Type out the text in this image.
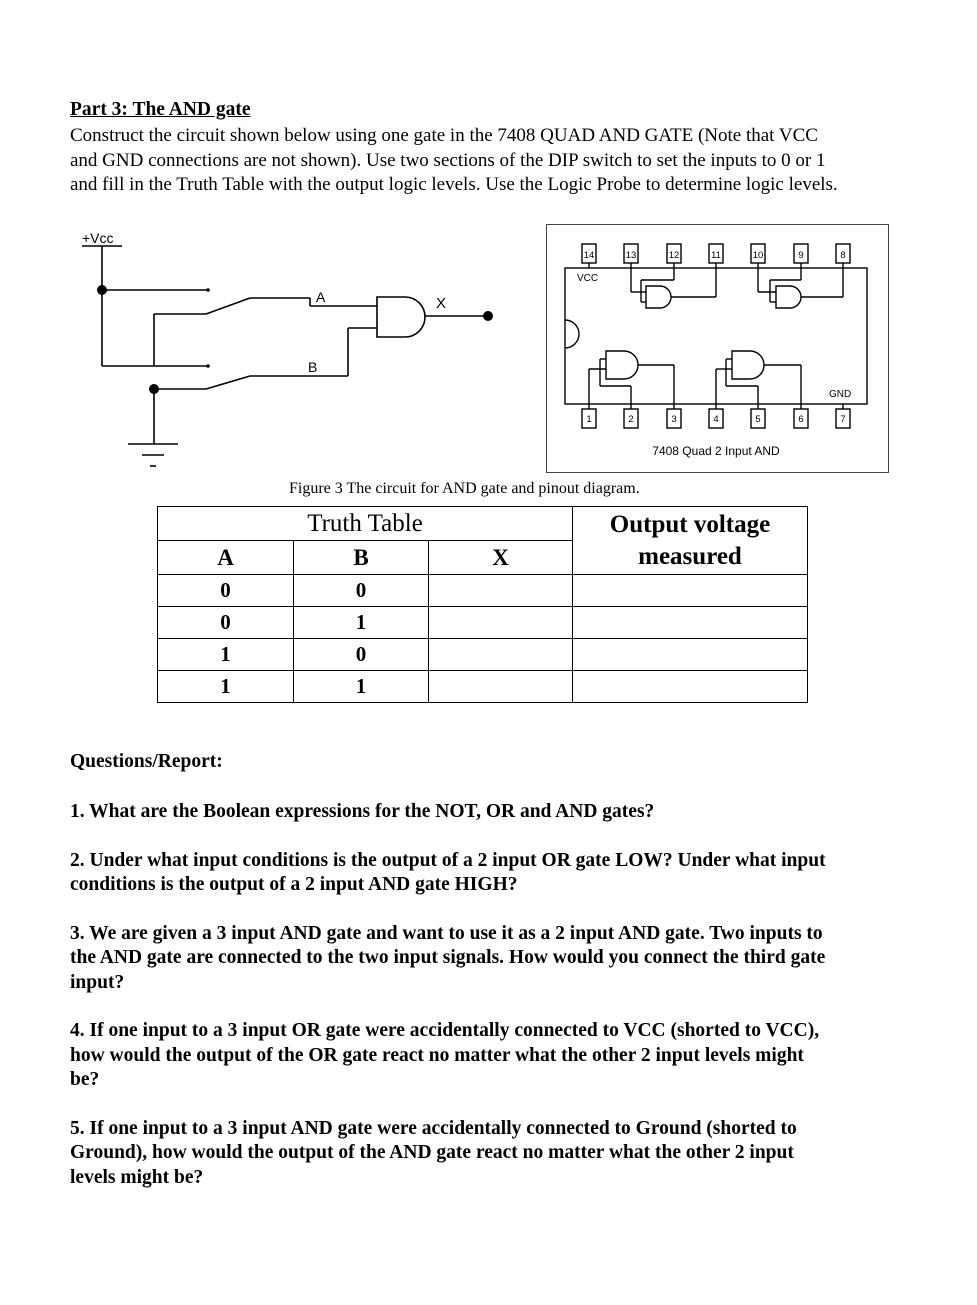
Part 3: The AND gate
Construct the circuit shown below using one gate in the 7408 QUAD AND GATE (Note that VCC and GND connections are not shown). Use two sections of the DIP switch to set the inputs to 0 or 1 and fill in the Truth Table with the output logic levels. Use the Logic Probe to determine logic levels.
+Vcc
A
B
X
14	13	12	11	10	9	8
1	2	3	4	5	6	7
VCC
GND
7408 Quad 2 Input AND
Figure 3 The circuit for AND gate and pinout diagram.
Truth Table			Output voltage measured
A	B	X	
0	0		
0	1		
1	0		
1	1		
Questions/Report:
1. What are the Boolean expressions for the NOT, OR and AND gates?
2. Under what input conditions is the output of a 2 input OR gate LOW? Under what input conditions is the output of a 2 input AND gate HIGH?
3. We are given a 3 input AND gate and want to use it as a 2 input AND gate. Two inputs to the AND gate are connected to the two input signals. How would you connect the third gate input?
4. If one input to a 3 input OR gate were accidentally connected to VCC (shorted to VCC), how would the output of the OR gate react no matter what the other 2 input levels might be?
5. If one input to a 3 input AND gate were accidentally connected to Ground (shorted to Ground), how would the output of the AND gate react no matter what the other 2 input levels might be?
